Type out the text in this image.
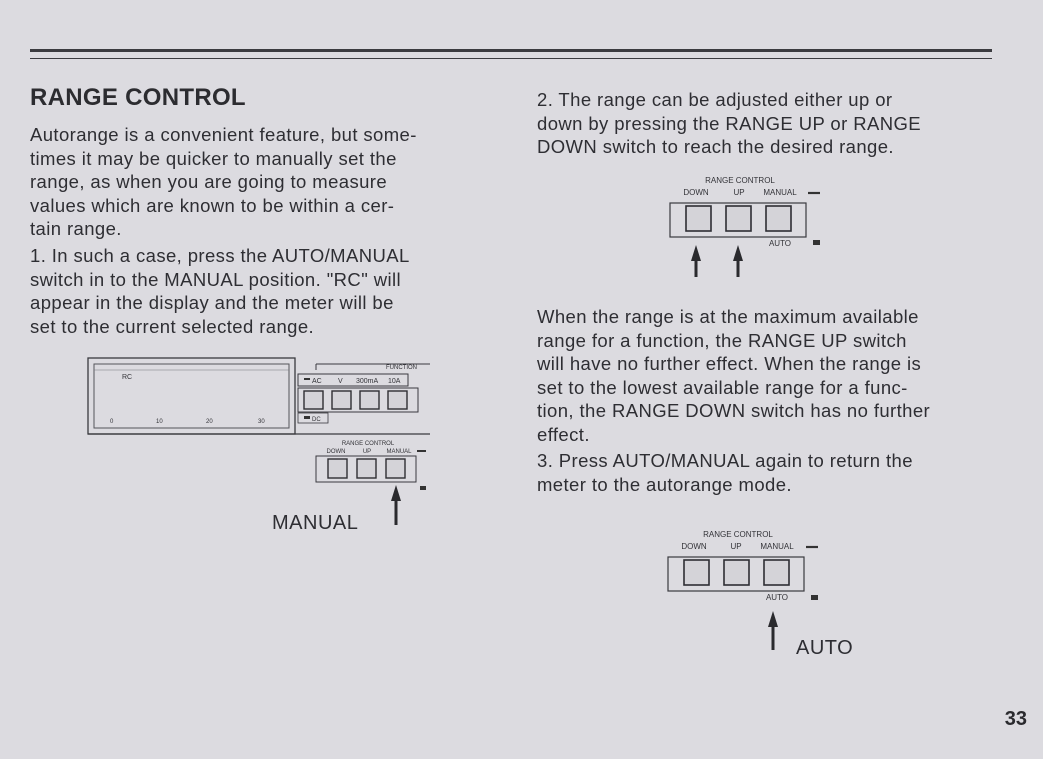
RANGE CONTROL
Autorange is a convenient feature, but some-
times it may be quicker to manually set the
range, as when you are going to measure
values which are known to be within a cer-
tain range.
1. In such a case, press the AUTO/MANUAL
switch in to the MANUAL position. "RC" will
appear in the display and the meter will be
set to the current selected range.
RC
0	10	20	30
FUNCTION
AC V 300mA 10A
DC
RANGE CONTROL
DOWN	UP	MANUAL
MANUAL
2. The range can be adjusted either up or
down by pressing the RANGE UP or RANGE
DOWN switch to reach the desired range.
RANGE CONTROL
DOWN	UP MANUAL
AUTO
When the range is at the maximum available
range for a function, the RANGE UP switch
will have no further effect. When the range is
set to the lowest available range for a func-
tion, the RANGE DOWN switch has no further
effect.
3. Press AUTO/MANUAL again to return the
meter to the autorange mode.
RANGE CONTROL
DOWN	UP MANUAL
AUTO
AUTO
33
